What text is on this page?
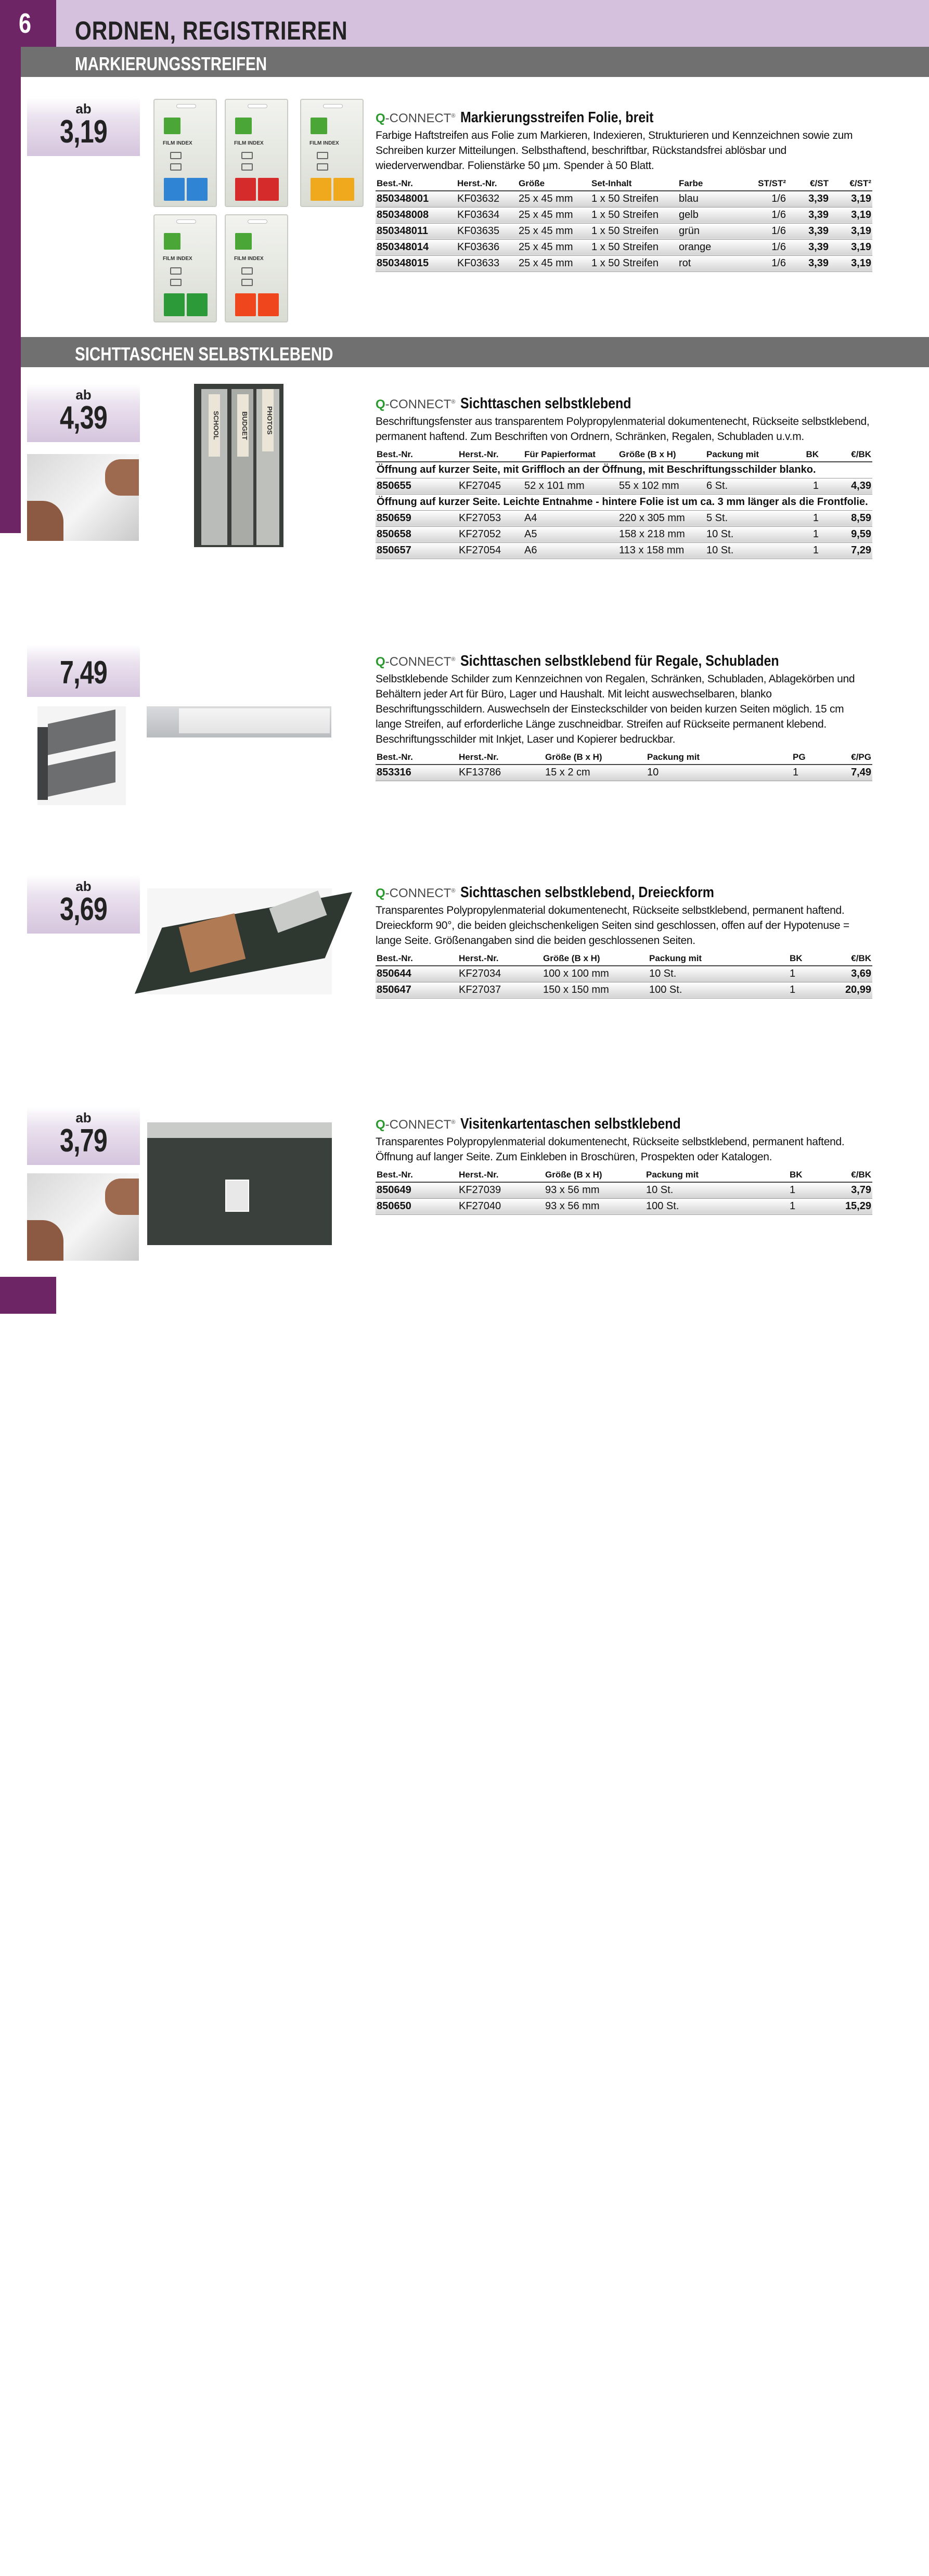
6 ORDNEN, REGISTRIEREN
MARKIERUNGSSTREIFEN
ab
3,19	FILM INDEX	FILM INDEX	FILM INDEX
FILM INDEX	FILM INDEX
Q-CONNECT® Markierungsstreifen Folie, breit
Farbige Haftstreifen aus Folie zum Markieren, Indexieren, Strukturieren und Kennzeichnen sowie zum Schreiben kurzer Mitteilungen. Selbsthaftend, beschriftbar, Rückstandsfrei ablösbar und wiederverwendbar. Folienstärke 50 µm. Spender à 50 Blatt.
Best.-Nr.	Herst.-Nr.	Größe	Set-Inhalt	Farbe	ST/ST²	€/ST	€/ST²
850348001	KF03632	25 x 45 mm	1 x 50 Streifen	blau	1/6	3,39	3,19
850348008	KF03634	25 x 45 mm	1 x 50 Streifen	gelb	1/6	3,39	3,19
850348011	KF03635	25 x 45 mm	1 x 50 Streifen	grün	1/6	3,39	3,19
850348014	KF03636	25 x 45 mm	1 x 50 Streifen	orange	1/6	3,39	3,19
850348015	KF03633	25 x 45 mm	1 x 50 Streifen	rot	1/6	3,39	3,19
SICHTTASCHEN SELBSTKLEBEND
ab
4,39	SCHOOL	BUDGET	PHOTOS
Q-CONNECT® Sichttaschen selbstklebend
Beschriftungsfenster aus transparentem Polypropylenmaterial dokumentenecht, Rückseite selbstklebend, permanent haftend. Zum Beschriften von Ordnern, Schränken, Regalen, Schubladen u.v.m.
Best.-Nr.	Herst.-Nr.	Für Papierformat	Größe (B x H)	Packung mit	BK	€/BK
Öffnung auf kurzer Seite, mit Griffloch an der Öffnung, mit Beschriftungsschilder blanko.						
850655	KF27045	52 x 101 mm	55 x 102 mm	6 St.	1	4,39
Öffnung auf kurzer Seite. Leichte Entnahme - hintere Folie ist um ca. 3 mm länger als die Frontfolie.						
850659	KF27053	A4	220 x 305 mm	5 St.	1	8,59
850658	KF27052	A5	158 x 218 mm	10 St.	1	9,59
850657	KF27054	A6	113 x 158 mm	10 St.	1	7,29
7,49	Q-CONNECT® Sichttaschen selbstklebend für Regale, Schubladen
Selbstklebende Schilder zum Kennzeichnen von Regalen, Schränken, Schubladen, Ablagekörben und Behältern jeder Art für Büro, Lager und Haushalt. Mit leicht auswechselbaren, blanko Beschriftungsschildern. Auswechseln der Einsteckschilder von beiden kurzen Seiten möglich. 15 cm lange Streifen, auf erforderliche Länge zuschneidbar. Streifen auf Rückseite permanent klebend. Beschriftungsschilder mit Inkjet, Laser und Kopierer bedruckbar.
Best.-Nr.	Herst.-Nr.	Größe (B x H)	Packung mit	PG	€/PG
853316	KF13786	15 x 2 cm	10	1	7,49
ab
3,69	Q-CONNECT® Sichttaschen selbstklebend, Dreieckform
Transparentes Polypropylenmaterial dokumentenecht, Rückseite selbstklebend, permanent haftend. Dreieckform 90°, die beiden gleichschenkeligen Seiten sind geschlossen, offen auf der Hypotenuse = lange Seite. Größenangaben sind die beiden geschlossenen Seiten.
Best.-Nr.	Herst.-Nr.	Größe (B x H)	Packung mit	BK	€/BK
850644	KF27034	100 x 100 mm	10 St.	1	3,69
850647	KF27037	150 x 150 mm	100 St.	1	20,99
ab
3,79	Q-CONNECT® Visitenkartentaschen selbstklebend
Transparentes Polypropylenmaterial dokumentenecht, Rückseite selbstklebend, permanent haftend. Öffnung auf langer Seite. Zum Einkleben in Broschüren, Prospekten oder Katalogen.
Best.-Nr.	Herst.-Nr.	Größe (B x H)	Packung mit	BK	€/BK
850649	KF27039	93 x 56 mm	10 St.	1	3,79
850650	KF27040	93 x 56 mm	100 St.	1	15,29
426
